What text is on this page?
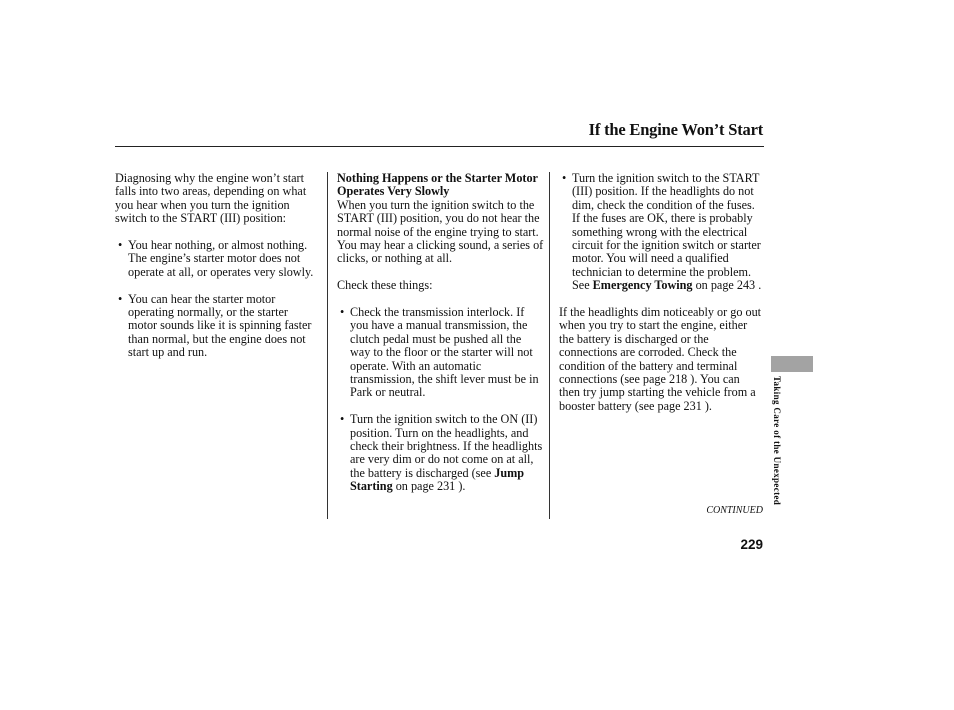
If the Engine Won’t Start

Diagnosing why the engine won’t start falls into two areas, depending on what you hear when you turn the ignition switch to the START (III) position:

• You hear nothing, or almost nothing. The engine’s starter motor does not operate at all, or operates very slowly.
• You can hear the starter motor operating normally, or the starter motor sounds like it is spinning faster than normal, but the engine does not start up and run.
Nothing Happens or the Starter Motor Operates Very Slowly

When you turn the ignition switch to the START (III) position, you do not hear the normal noise of the engine trying to start. You may hear a clicking sound, a series of clicks, or nothing at all.

Check these things:

• Check the transmission interlock. If you have a manual transmission, the clutch pedal must be pushed all the way to the floor or the starter will not operate. With an automatic transmission, the shift lever must be in Park or neutral.
• Turn the ignition switch to the ON (II) position. Turn on the headlights, and check their brightness. If the headlights are very dim or do not come on at all, the battery is discharged (see Jump Starting on page 231 ).
• Turn the ignition switch to the START (III) position. If the headlights do not dim, check the condition of the fuses. If the fuses are OK, there is probably something wrong with the electrical circuit for the ignition switch or starter motor. You will need a qualified technician to determine the problem. See Emergency Towing on page 243 .

If the headlights dim noticeably or go out when you try to start the engine, either the battery is discharged or the connections are corroded. Check the condition of the battery and terminal connections (see page 218 ). You can then try jump starting the vehicle from a booster battery (see page 231 ).

CONTINUED
229
Taking Care of the Unexpected
